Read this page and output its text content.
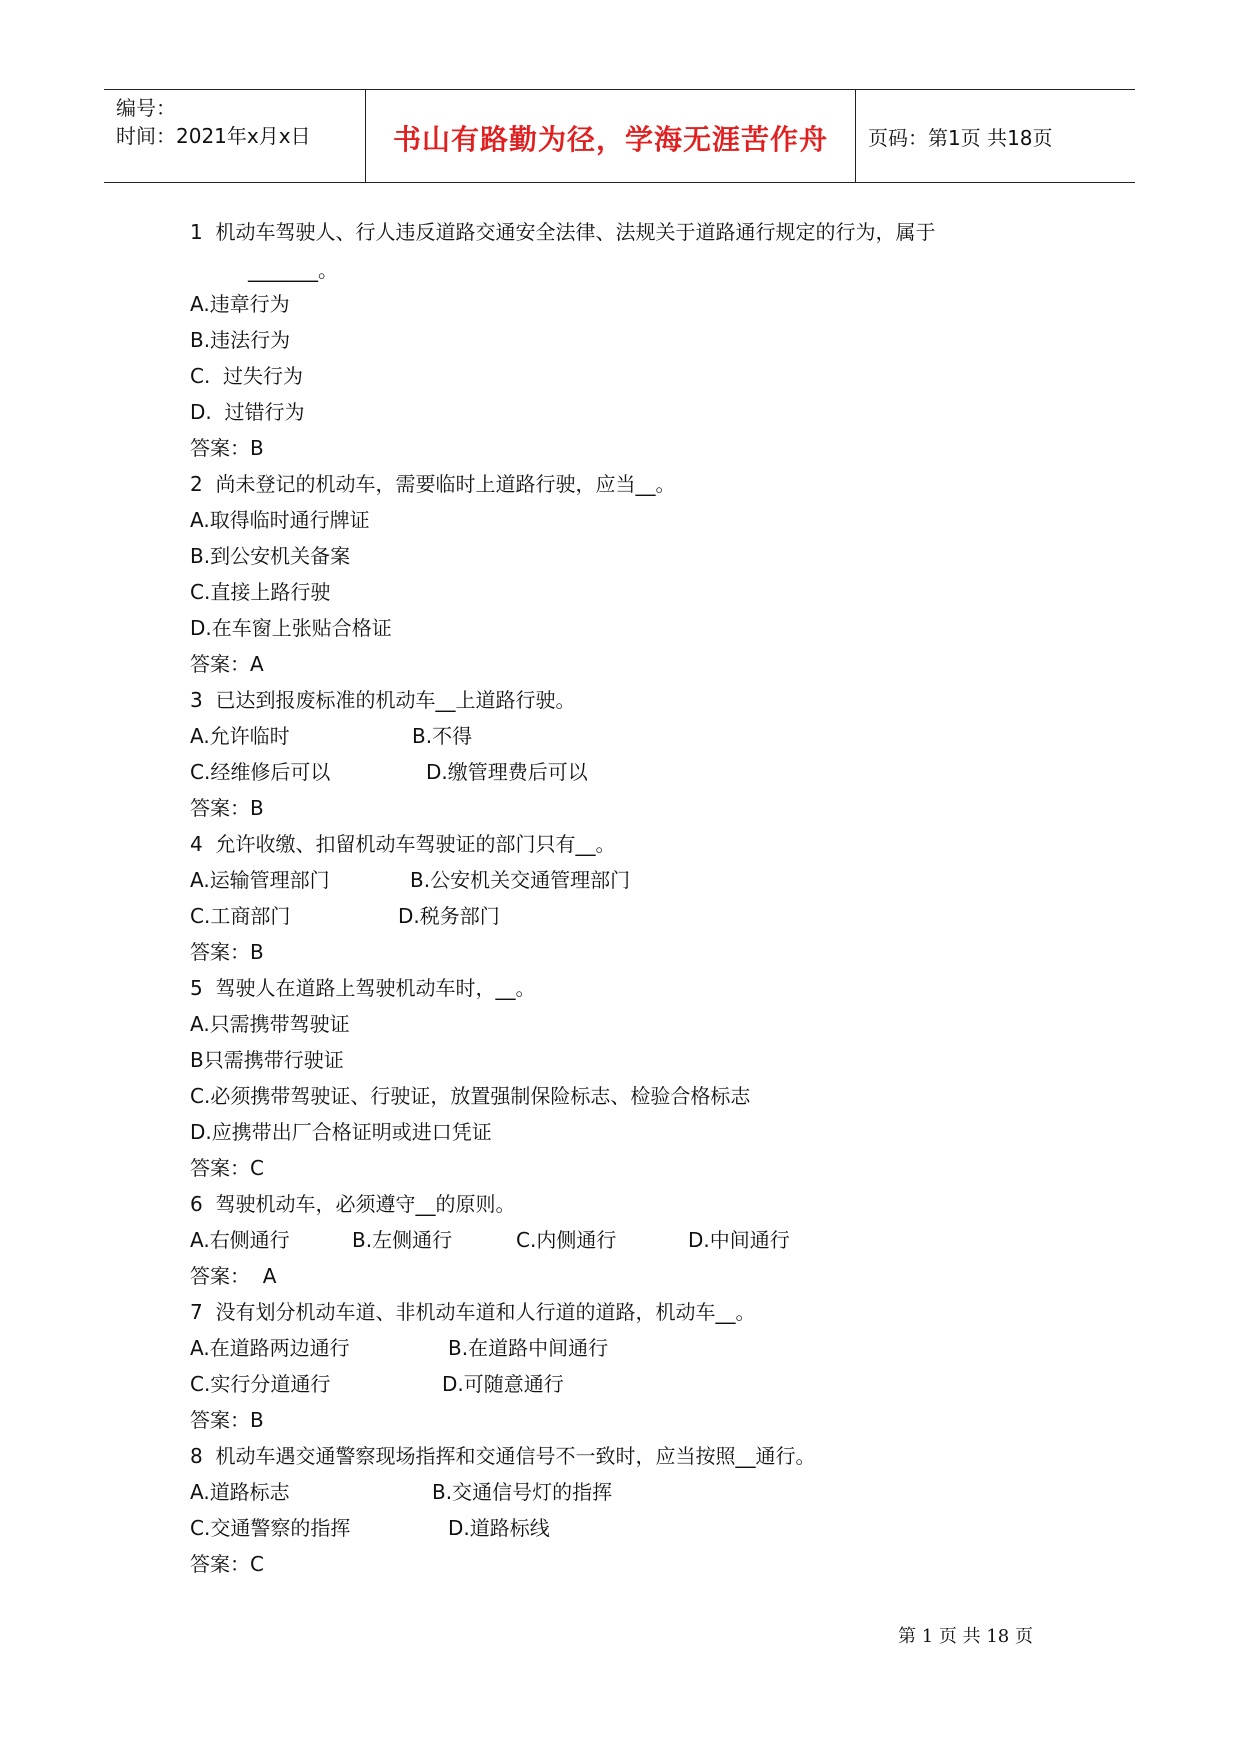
编号：
时间：2021年x月x日	书山有路勤为径，学海无涯苦作舟	页码：第1页 共18页
1  机动车驾驶人、行人违反道路交通安全法律、法规关于道路通行规定的行为，属于
_______。
A.违章行为
B.违法行为
C.  过失行为
D.  过错行为
答案：B
2  尚未登记的机动车，需要临时上道路行驶，应当__。
A.取得临时通行牌证
B.到公安机关备案
C.直接上路行驶
D.在车窗上张贴合格证
答案：A
3  已达到报废标准的机动车__上道路行驶。
A.允许临时	B.不得
C.经维修后可以	D.缴管理费后可以
答案：B
4  允许收缴、扣留机动车驾驶证的部门只有__。
A.运输管理部门	B.公安机关交通管理部门
C.工商部门	D.税务部门
答案：B
5  驾驶人在道路上驾驶机动车时，__。
A.只需携带驾驶证
B只需携带行驶证
C.必须携带驾驶证、行驶证，放置强制保险标志、检验合格标志
D.应携带出厂合格证明或进口凭证
答案：C
6  驾驶机动车，必须遵守__的原则。
A.右侧通行	B.左侧通行	C.内侧通行	D.中间通行
答案：  A
7  没有划分机动车道、非机动车道和人行道的道路，机动车__。
A.在道路两边通行	B.在道路中间通行
C.实行分道通行	D.可随意通行
答案：B
8  机动车遇交通警察现场指挥和交通信号不一致时，应当按照__通行。
A.道路标志	B.交通信号灯的指挥
C.交通警察的指挥	D.道路标线
答案：C
第 1 页 共 18 页
